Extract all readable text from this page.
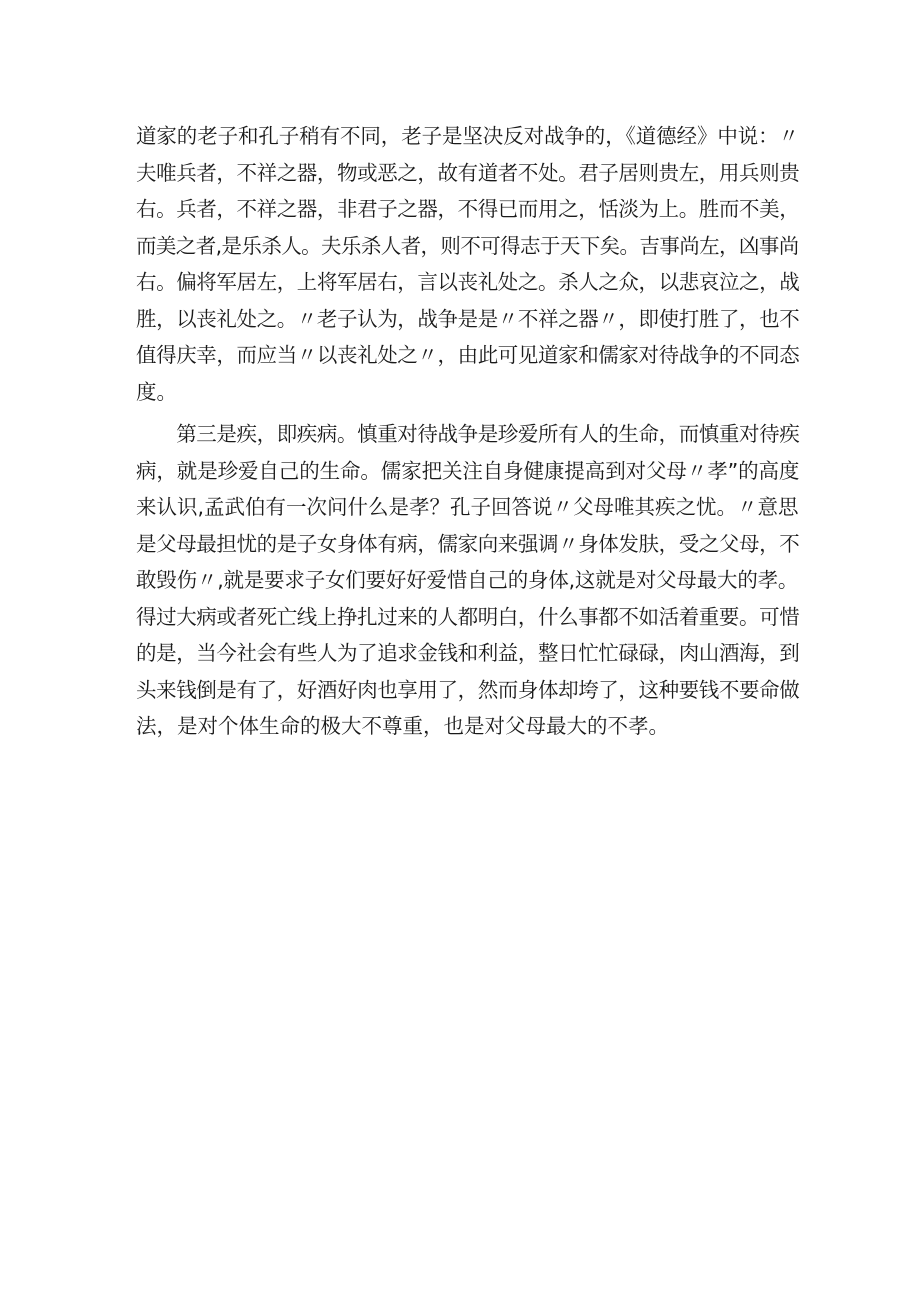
道家的老子和孔子稍有不同，老子是坚决反对战争的，《道德经》中说：〃
夫唯兵者，不祥之器，物或恶之，故有道者不处。君子居则贵左，用兵则贵
右。兵者，不祥之器，非君子之器，不得已而用之，恬淡为上。胜而不美，
而美之者,是乐杀人。夫乐杀人者，则不可得志于天下矣。吉事尚左，凶事尚
右。偏将军居左，上将军居右，言以丧礼处之。杀人之众，以悲哀泣之，战
胜，以丧礼处之。〃老子认为，战争是是〃不祥之器〃，即使打胜了，也不
值得庆幸，而应当〃以丧礼处之〃，由此可见道家和儒家对待战争的不同态
度。
　　第三是疾，即疾病。慎重对待战争是珍爱所有人的生命，而慎重对待疾
病，就是珍爱自己的生命。儒家把关注自身健康提高到对父母〃孝”的高度
来认识,孟武伯有一次问什么是孝？孔子回答说〃父母唯其疾之忧。〃意思
是父母最担忧的是子女身体有病，儒家向来强调〃身体发肤，受之父母，不
敢毁伤〃,就是要求子女们要好好爱惜自己的身体,这就是对父母最大的孝。
得过大病或者死亡线上挣扎过来的人都明白，什么事都不如活着重要。可惜
的是，当今社会有些人为了追求金钱和利益，整日忙忙碌碌，肉山酒海，到
头来钱倒是有了，好酒好肉也享用了，然而身体却垮了，这种要钱不要命做
法，是对个体生命的极大不尊重，也是对父母最大的不孝。
